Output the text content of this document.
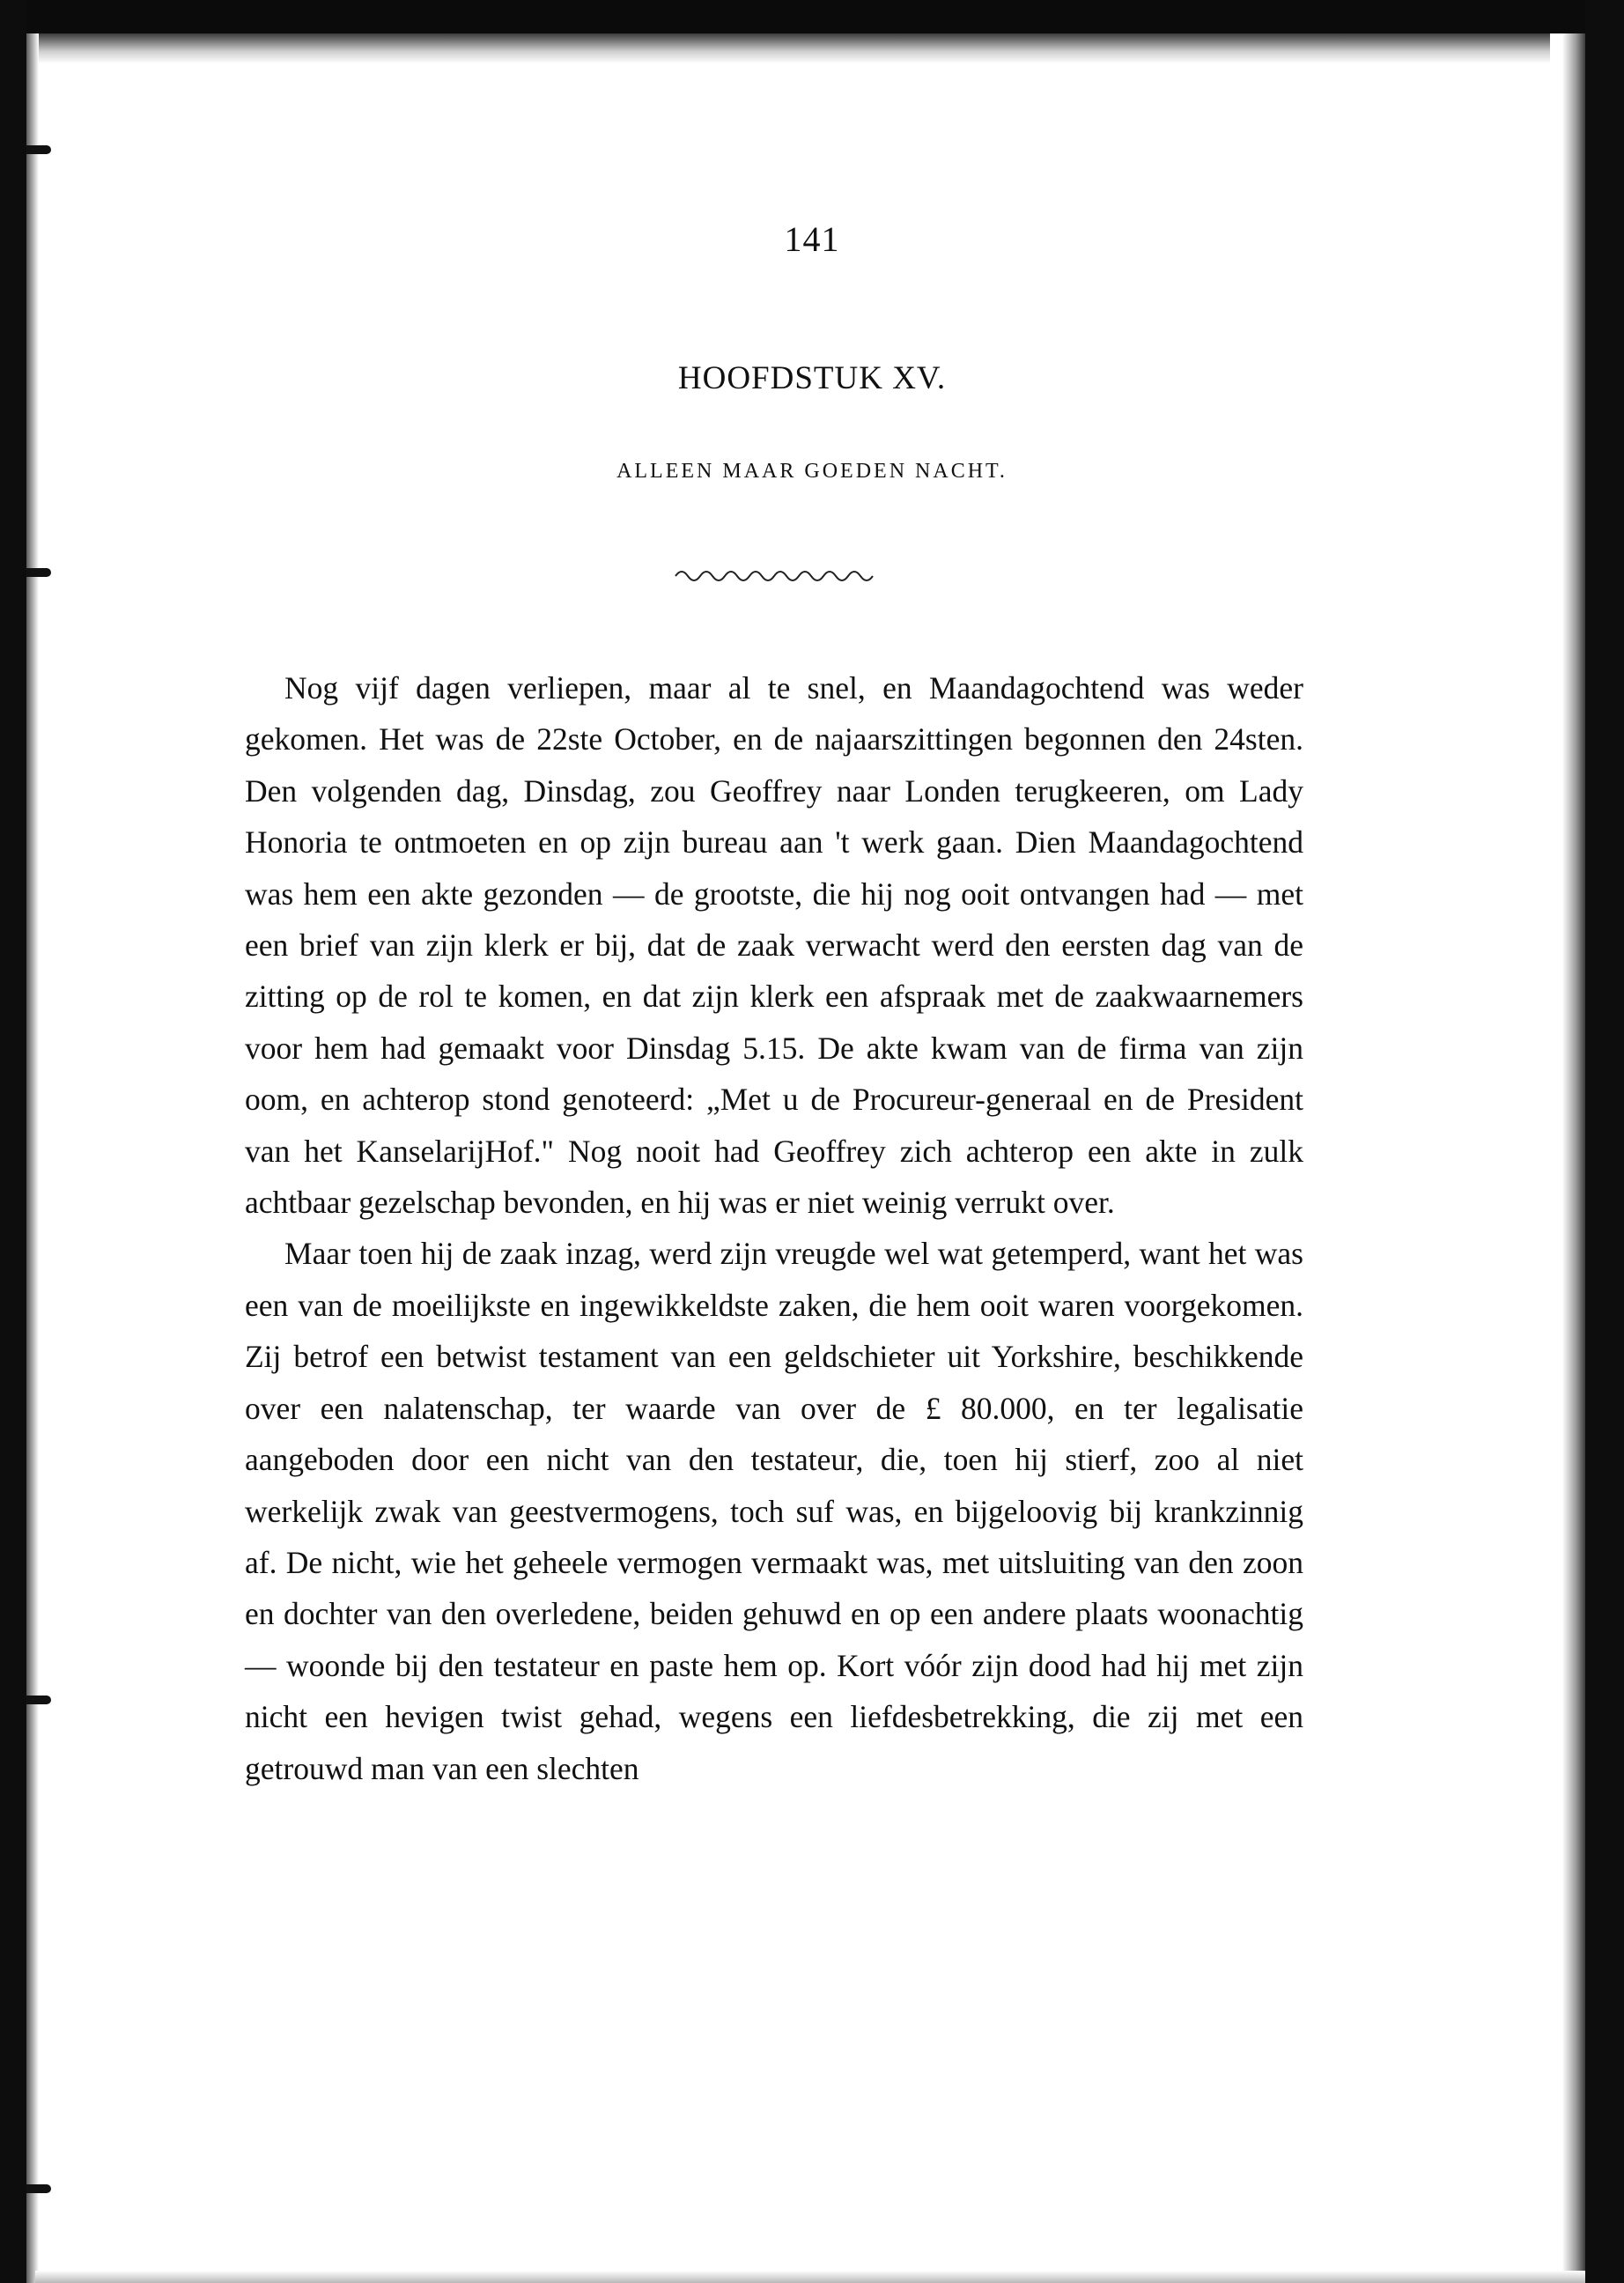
141
HOOFDSTUK XV.
ALLEEN MAAR GOEDEN NACHT.

Nog vijf dagen verliepen, maar al te snel, en Maandagochtend was weder gekomen. Het was de 22ste October, en de najaarszittingen begonnen den 24sten. Den volgenden dag, Dinsdag, zou Geoffrey naar Londen terugkeeren, om Lady Honoria te ontmoeten en op zijn bureau aan 't werk gaan. Dien Maandagochtend was hem een akte gezonden — de grootste, die hij nog ooit ontvangen had — met een brief van zijn klerk er bij, dat de zaak verwacht werd den eersten dag van de zitting op de rol te komen, en dat zijn klerk een afspraak met de zaakwaarnemers voor hem had gemaakt voor Dinsdag 5.15. De akte kwam van de firma van zijn oom, en achterop stond genoteerd: „Met u de Procureur-generaal en de President van het KanselarijHof." Nog nooit had Geoffrey zich achterop een akte in zulk achtbaar gezelschap bevonden, en hij was er niet weinig verrukt over.

Maar toen hij de zaak inzag, werd zijn vreugde wel wat getemperd, want het was een van de moeilijkste en ingewikkeldste zaken, die hem ooit waren voorgekomen. Zij betrof een betwist testament van een geldschieter uit Yorkshire, beschikkende over een nalatenschap, ter waarde van over de £ 80.000, en ter legalisatie aangeboden door een nicht van den testateur, die, toen hij stierf, zoo al niet werkelijk zwak van geestvermogens, toch suf was, en bijgeloovig bij krankzinnig af. De nicht, wie het geheele vermogen vermaakt was, met uitsluiting van den zoon en dochter van den overledene, beiden gehuwd en op een andere plaats woonachtig — woonde bij den testateur en paste hem op. Kort vóór zijn dood had hij met zijn nicht een hevigen twist gehad, wegens een liefdesbetrekking, die zij met een getrouwd man van een slechten
